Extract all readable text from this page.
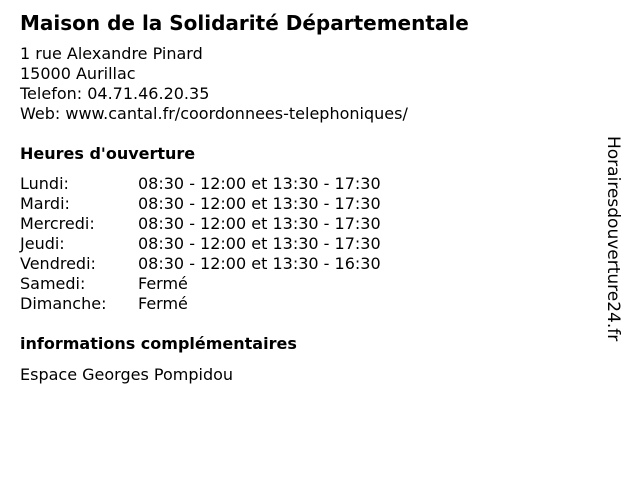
Maison de la Solidarité Départementale
1 rue Alexandre Pinard
15000 Aurillac
Telefon: 04.71.46.20.35
Web: www.cantal.fr/coordonnees-telephoniques/
Heures d'ouverture
Lundi:	08:30 - 12:00 et 13:30 - 17:30
Mardi:	08:30 - 12:00 et 13:30 - 17:30
Mercredi:	08:30 - 12:00 et 13:30 - 17:30
Jeudi:	08:30 - 12:00 et 13:30 - 17:30
Vendredi:	08:30 - 12:00 et 13:30 - 16:30
Samedi:	Fermé
Dimanche:	Fermé
informations complémentaires
Espace Georges Pompidou
Horairesdouverture24.fr
